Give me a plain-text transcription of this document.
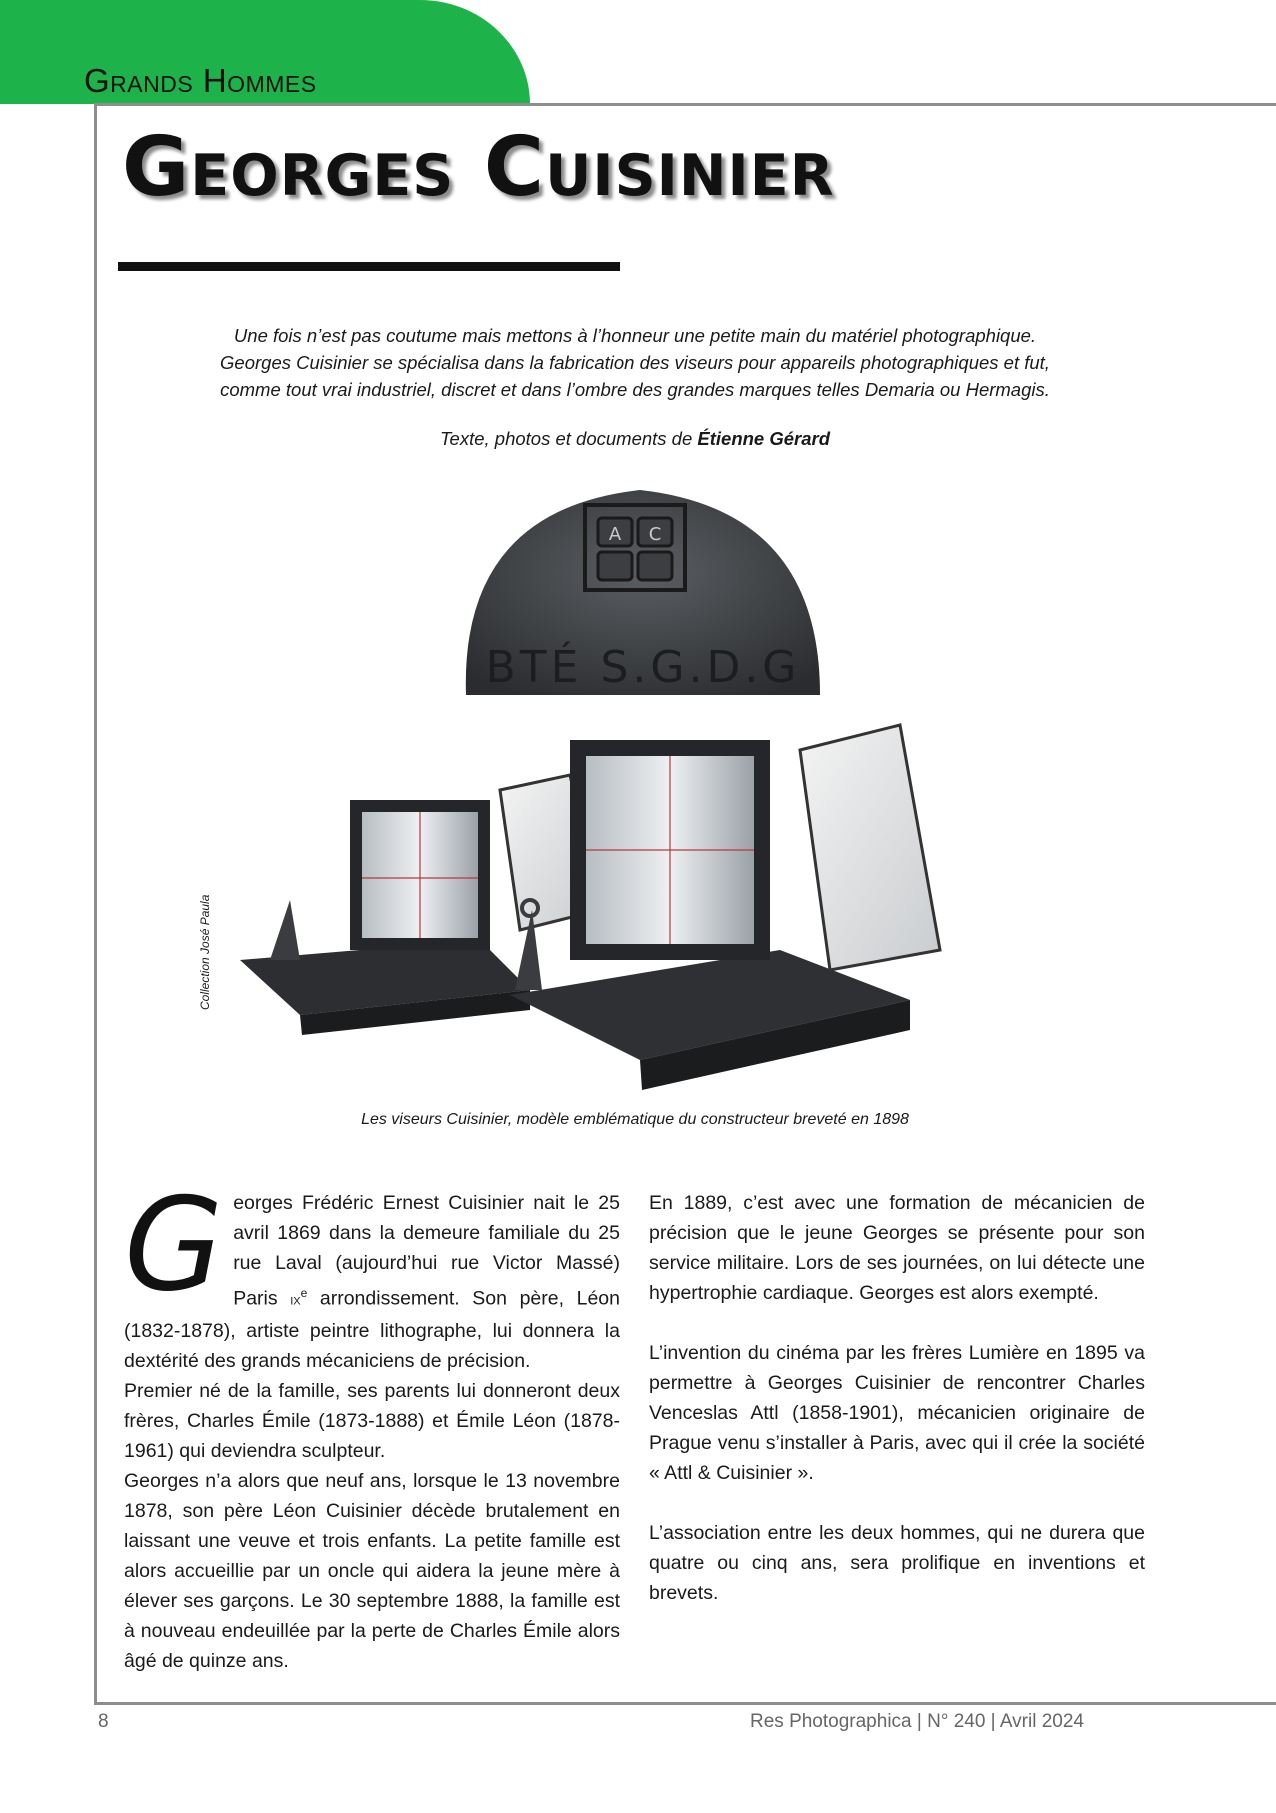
Grands Hommes
Georges Cuisinier

Une fois n’est pas coutume mais mettons à l’honneur une petite main du matériel photographique.
Georges Cuisinier se spécialisa dans la fabrication des viseurs pour appareils photographiques et fut,
comme tout vrai industriel, discret et dans l’ombre des grandes marques telles Demaria ou Hermagis.

Texte, photos et documents de Étienne Gérard

A C
BTÉ S.G.D.G
Collection José Paula

Les viseurs Cuisinier, modèle emblématique du constructeur breveté en 1898

Georges Frédéric Ernest Cuisinier nait le 25 avril 1869 dans la demeure familiale du 25 rue Laval (aujourd’hui rue Victor Massé) Paris $ix^e$ arrondissement. Son père, Léon (1832-1878), artiste peintre lithographe, lui donnera la dextérité des grands mécaniciens de précision.

Premier né de la famille, ses parents lui donneront deux frères, Charles Émile (1873-1888) et Émile Léon (1878-1961) qui deviendra sculpteur.

Georges n’a alors que neuf ans, lorsque le 13 novembre 1878, son père Léon Cuisinier décède brutalement en laissant une veuve et trois enfants. La petite famille est alors accueillie par un oncle qui aidera la jeune mère à élever ses garçons. Le 30 septembre 1888, la famille est à nouveau endeuillée par la perte de Charles Émile alors âgé de quinze ans.

En 1889, c’est avec une formation de mécanicien de précision que le jeune Georges se présente pour son service militaire. Lors de ses journées, on lui détecte une hypertrophie cardiaque. Georges est alors exempté.

L’invention du cinéma par les frères Lumière en 1895 va permettre à Georges Cuisinier de rencontrer Charles Venceslas Attl (1858-1901), mécanicien originaire de Prague venu s’installer à Paris, avec qui il crée la société « Attl & Cuisinier ».

L’association entre les deux hommes, qui ne durera que quatre ou cinq ans, sera prolifique en inventions et brevets.

8	Res Photographica | N° 240 | Avril 2024
